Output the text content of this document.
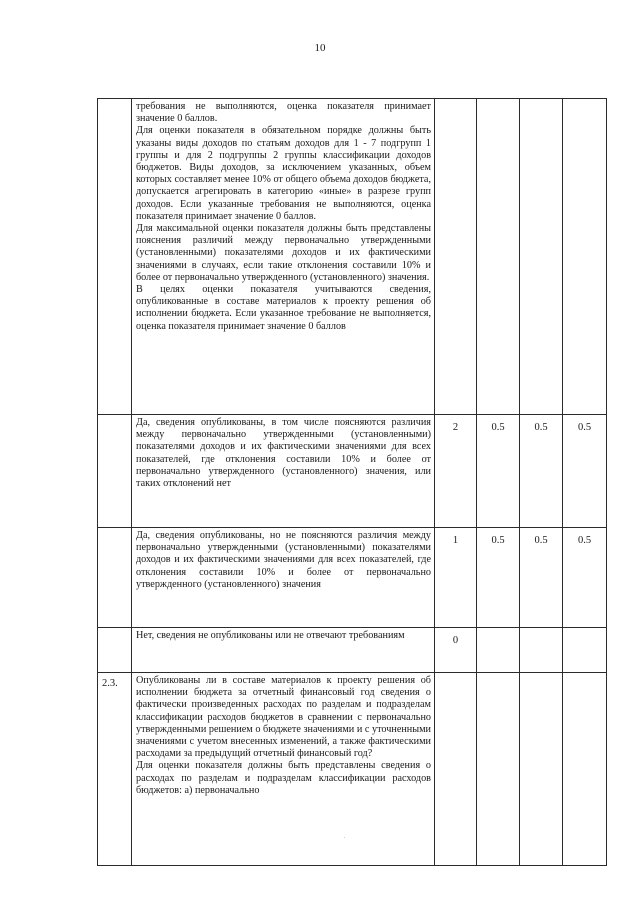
10

	требования не выполняются, оценка показателя принимает значение 0 баллов.

Для оценки показателя в обязательном порядке должны быть указаны виды доходов по статьям доходов для 1 - 7 подгрупп 1 группы и для 2 подгруппы 2 группы классификации доходов бюджетов. Виды доходов, за исключением указанных, объем которых составляет менее 10% от общего объема доходов бюджета, допускается агрегировать в категорию «иные» в разрезе групп доходов. Если указанные требования не выполняются, оценка показателя принимает значение 0 баллов.

Для максимальной оценки показателя должны быть представлены пояснения различий между первоначально утвержденными (установленными) показателями доходов и их фактическими значениями в случаях, если такие отклонения составили 10% и более от первоначально утвержденного (установленного) значения.

В целях оценки показателя учитываются сведения, опубликованные в составе материалов к проекту решения об исполнении бюджета. Если указанное требование не выполняется, оценка показателя принимает значение 0 баллов				

	Да, сведения опубликованы, в том числе поясняются различия между первоначально утвержденными (установленными) показателями доходов и их фактическими значениями для всех показателей, где отклонения составили 10% и более от первоначально утвержденного (установленного) значения, или таких отклонений нет	2	0.5	0.5	0.5

	Да, сведения опубликованы, но не поясняются различия между первоначально утвержденными (установленными) показателями доходов и их фактическими значениями для всех показателей, где отклонения составили 10% и более от первоначально утвержденного (установленного) значения	1	0.5	0.5	0.5

	Нет, сведения не опубликованы или не отвечают требованиям	0			
2.3.	Опубликованы ли в составе материалов к проекту решения об исполнении бюджета за отчетный финансовый год сведения о фактически произведенных расходах по разделам и подразделам классификации расходов бюджетов в сравнении с первоначально утвержденными решением о бюджете значениями и с уточненными значениями с учетом внесенных изменений, а также фактическими расходами за предыдущий отчетный финансовый год?

Для оценки показателя должны быть представлены сведения о расходах по разделам и подразделам классификации расходов бюджетов: а) первоначально				

.
